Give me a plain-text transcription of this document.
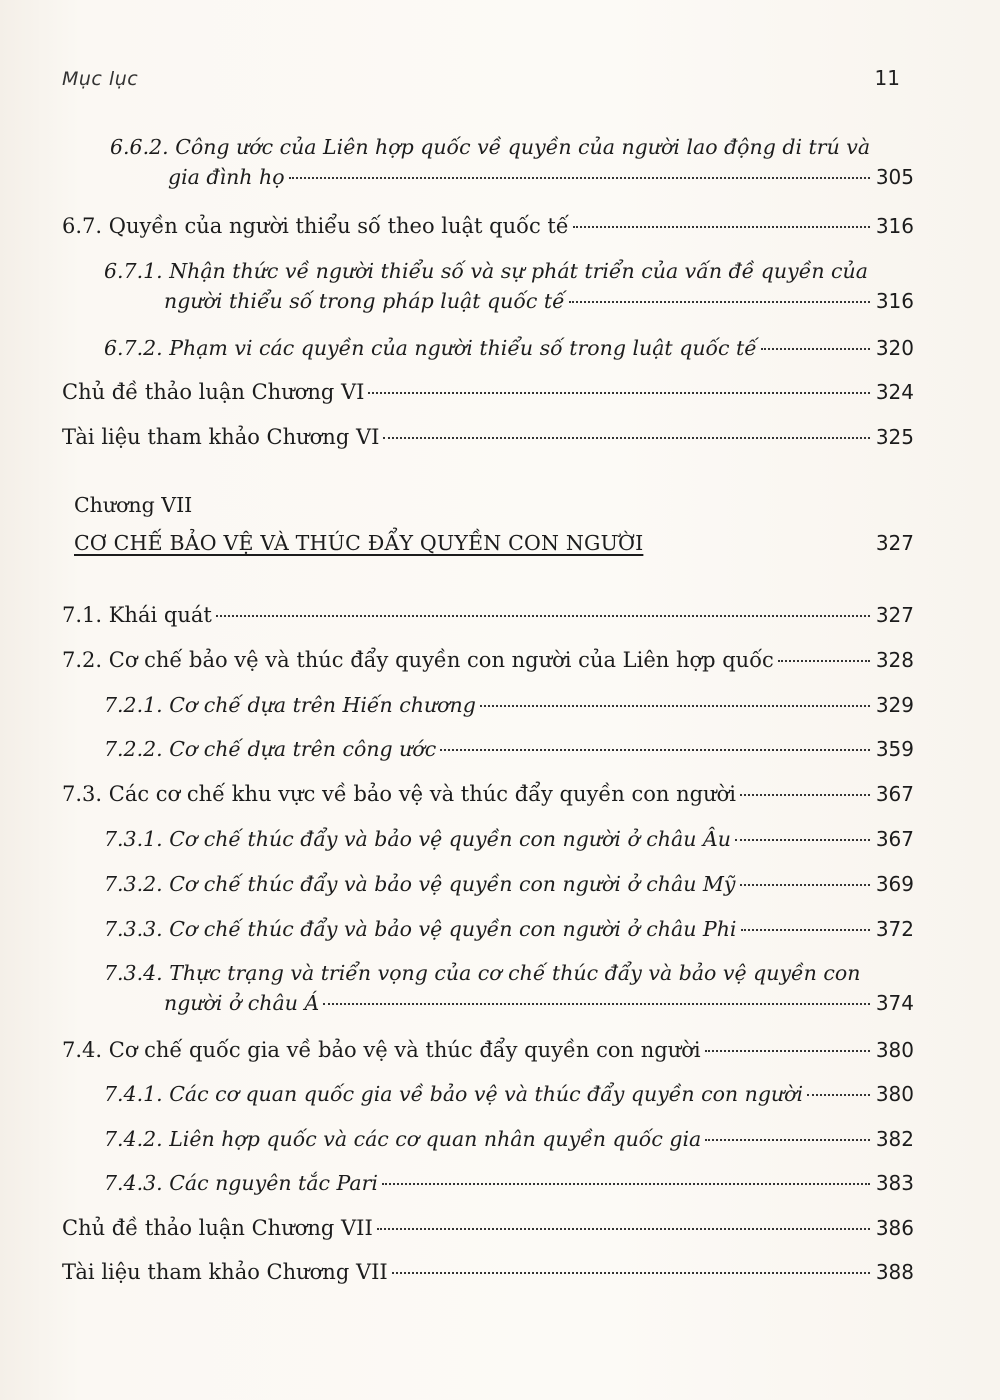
Mục lục	11
6.6.2. Công ước của Liên hợp quốc về quyền của người lao động di trú và
gia đình họ	305
6.7. Quyền của người thiểu số theo luật quốc tế	316
6.7.1. Nhận thức về người thiểu số và sự phát triển của vấn đề quyền của
người thiểu số trong pháp luật quốc tế	316
6.7.2. Phạm vi các quyền của người thiểu số trong luật quốc tế	320
Chủ đề thảo luận Chương VI	324
Tài liệu tham khảo Chương VI	325
Chương VII
CƠ CHẾ BẢO VỆ VÀ THÚC ĐẨY QUYỀN CON NGƯỜI	327
7.1. Khái quát	327
7.2. Cơ chế bảo vệ và thúc đẩy quyền con người của Liên hợp quốc	328
7.2.1. Cơ chế dựa trên Hiến chương	329
7.2.2. Cơ chế dựa trên công ước	359
7.3. Các cơ chế khu vực về bảo vệ và thúc đẩy quyền con người	367
7.3.1. Cơ chế thúc đẩy và bảo vệ quyền con người ở châu Âu	367
7.3.2. Cơ chế thúc đẩy và bảo vệ quyền con người ở châu Mỹ	369
7.3.3. Cơ chế thúc đẩy và bảo vệ quyền con người ở châu Phi	372
7.3.4. Thực trạng và triển vọng của cơ chế thúc đẩy và bảo vệ quyền con
người ở châu Á	374
7.4. Cơ chế quốc gia về bảo vệ và thúc đẩy quyền con người	380
7.4.1. Các cơ quan quốc gia về bảo vệ và thúc đẩy quyền con người	380
7.4.2. Liên hợp quốc và các cơ quan nhân quyền quốc gia	382
7.4.3. Các nguyên tắc Pari	383
Chủ đề thảo luận Chương VII	386
Tài liệu tham khảo Chương VII	388
